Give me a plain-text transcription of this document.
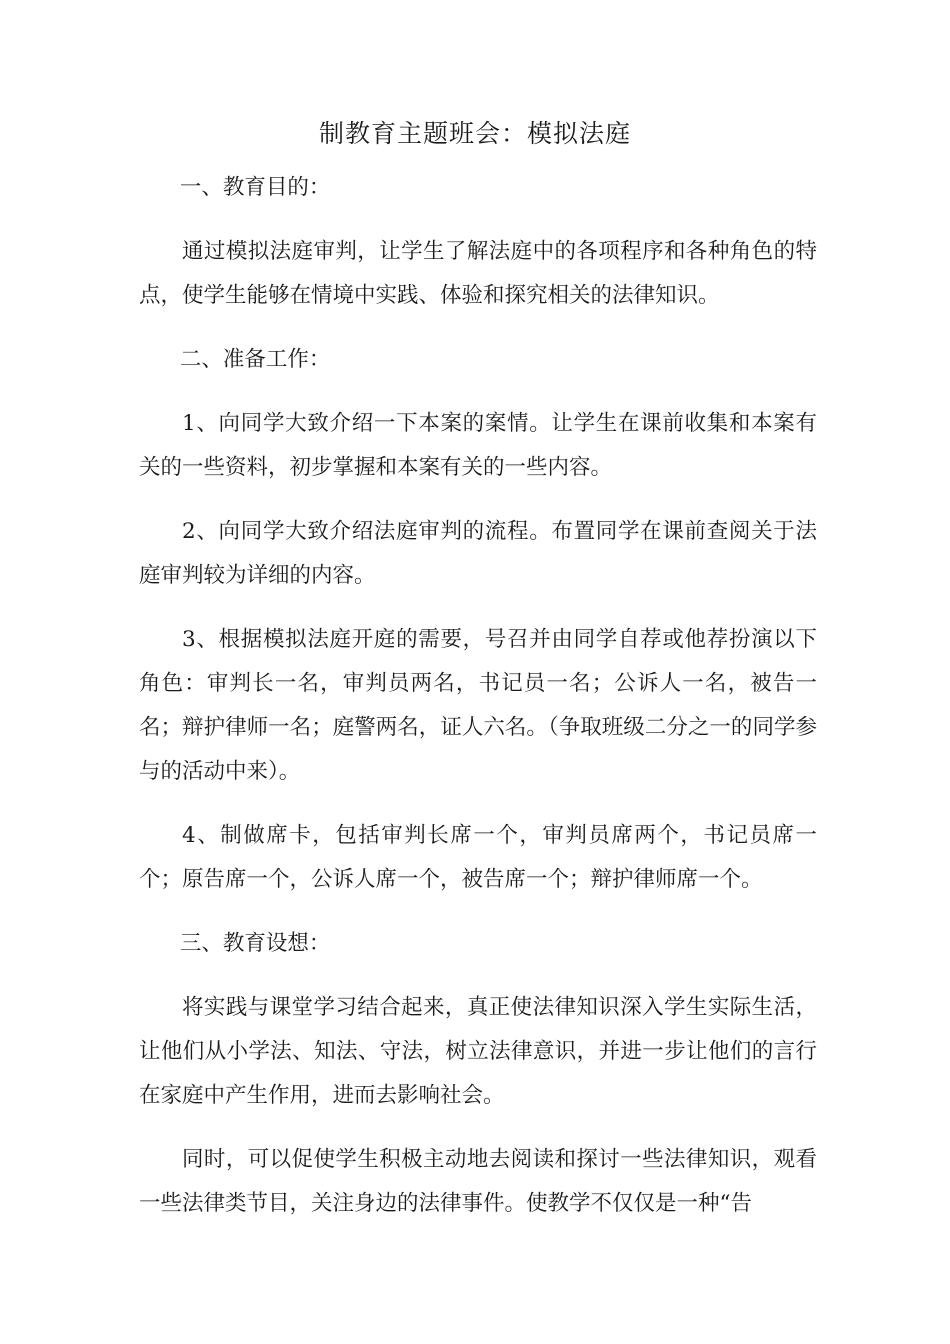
制教育主题班会：模拟法庭

一、教育目的：

通过模拟法庭审判，让学生了解法庭中的各项程序和各种角色的特点，使学生能够在情境中实践、体验和探究相关的法律知识。

二、准备工作：

1、向同学大致介绍一下本案的案情。让学生在课前收集和本案有关的一些资料，初步掌握和本案有关的一些内容。

2、向同学大致介绍法庭审判的流程。布置同学在课前查阅关于法庭审判较为详细的内容。

3、根据模拟法庭开庭的需要，号召并由同学自荐或他荐扮演以下角色：审判长一名，审判员两名，书记员一名；公诉人一名，被告一名；辩护律师一名；庭警两名，证人六名。（争取班级二分之一的同学参与的活动中来）。

4、制做席卡，包括审判长席一个，审判员席两个，书记员席一个；原告席一个，公诉人席一个，被告席一个；辩护律师席一个。

三、教育设想：

将实践与课堂学习结合起来，真正使法律知识深入学生实际生活，让他们从小学法、知法、守法，树立法律意识，并进一步让他们的言行在家庭中产生作用，进而去影响社会。

同时，可以促使学生积极主动地去阅读和探讨一些法律知识，观看一些法律类节目，关注身边的法律事件。使教学不仅仅是一种“告
